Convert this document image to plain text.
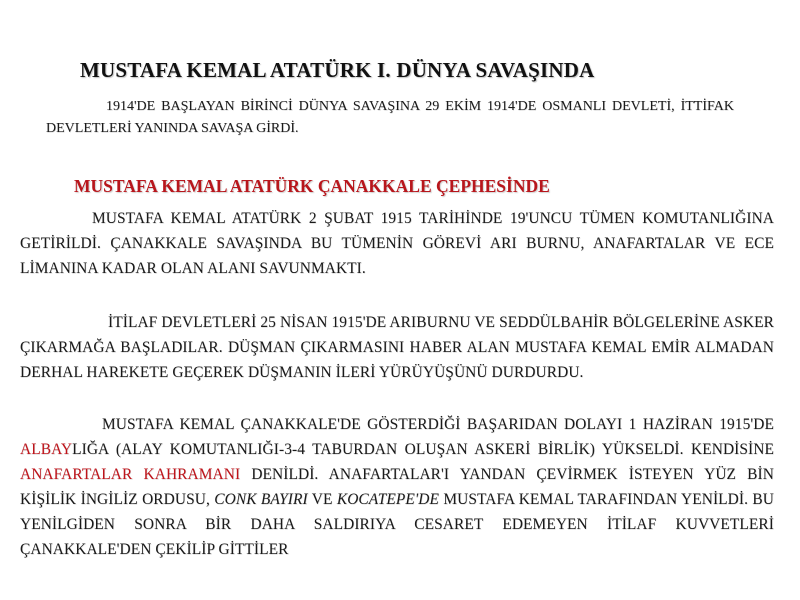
MUSTAFA KEMAL ATATÜRK I. DÜNYA SAVAŞINDA

1914'DE BAŞLAYAN BİRİNCİ DÜNYA SAVAŞINA 29 EKİM 1914'DE OSMANLI DEVLETİ, İTTİFAK DEVLETLERİ YANINDA SAVAŞA GİRDİ.

MUSTAFA KEMAL ATATÜRK ÇANAKKALE ÇEPHESİNDE

MUSTAFA KEMAL ATATÜRK 2 ŞUBAT 1915 TARİHİNDE 19'UNCU TÜMEN KOMUTANLIĞINA GETİRİLDİ. ÇANAKKALE SAVAŞINDA BU TÜMENİN GÖREVİ ARI BURNU, ANAFARTALAR VE ECE LİMANINA KADAR OLAN ALANI SAVUNMAKTI.

İTİLAF DEVLETLERİ 25 NİSAN 1915'DE ARIBURNU VE SEDDÜLBAHİR BÖLGELERİNE ASKER ÇIKARMAĞA BAŞLADILAR. DÜŞMAN ÇIKARMASINI HABER ALAN MUSTAFA KEMAL EMİR ALMADAN DERHAL HAREKETE GEÇEREK DÜŞMANIN İLERİ YÜRÜYÜŞÜNÜ DURDURDU.

MUSTAFA KEMAL ÇANAKKALE'DE GÖSTERDİĞİ BAŞARIDAN DOLAYI 1 HAZİRAN 1915'DE ALBAYLIĞA (ALAY KOMUTANLIĞI-3-4 TABURDAN OLUŞAN ASKERİ BİRLİK) YÜKSELDİ. KENDİSİNE ANAFARTALAR KAHRAMANI DENİLDİ. ANAFARTALAR'I YANDAN ÇEVİRMEK İSTEYEN YÜZ BİN KİŞİLİK İNGİLİZ ORDUSU, CONK BAYIRI VE KOCATEPE'DE MUSTAFA KEMAL TARAFINDAN YENİLDİ. BU YENİLGİDEN SONRA BİR DAHA SALDIRIYA CESARET EDEMEYEN İTİLAF KUVVETLERİ ÇANAKKALE'DEN ÇEKİLİP GİTTİLER
